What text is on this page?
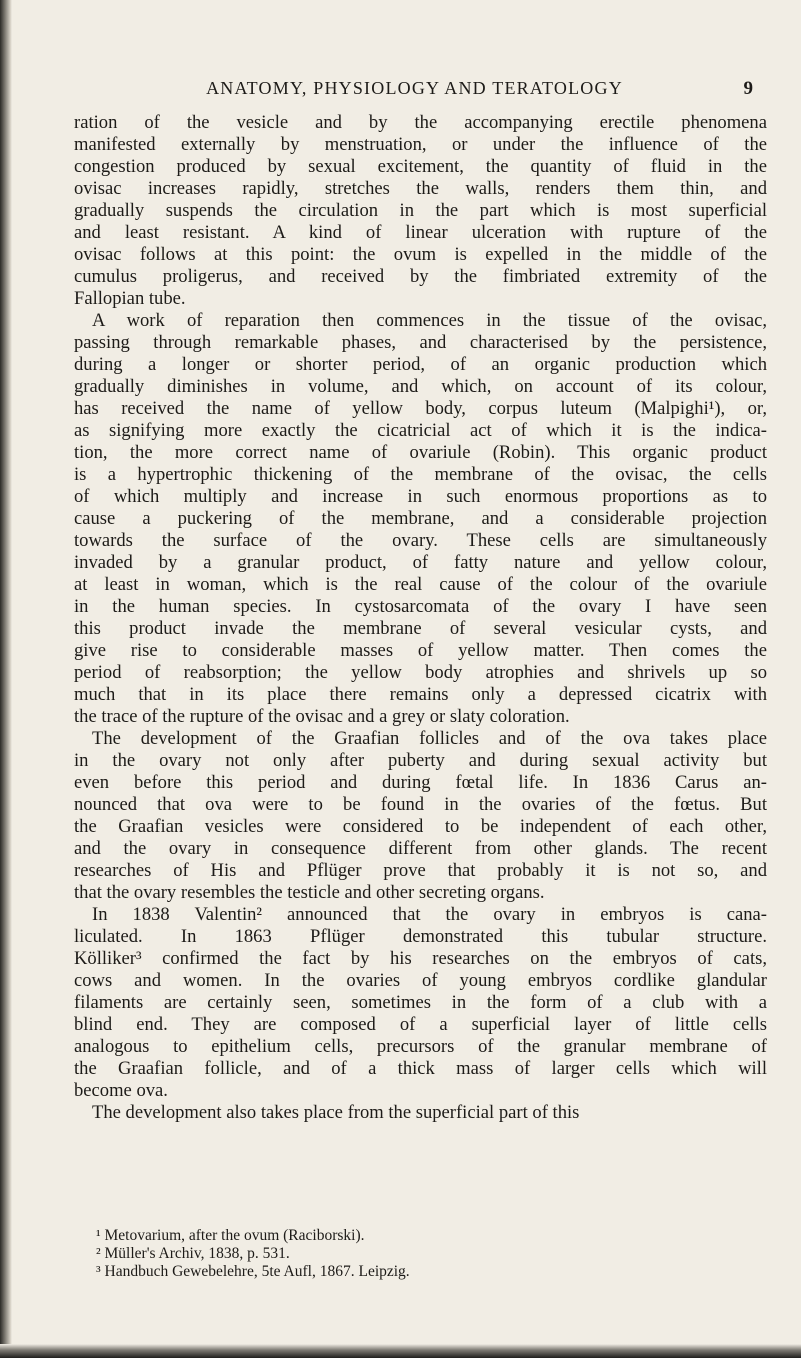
ANATOMY, PHYSIOLOGY AND TERATOLOGY	9
ration of the vesicle and by the accompanying erectile phenomena
manifested externally by menstruation, or under the influence of the
congestion produced by sexual excitement, the quantity of fluid in the
ovisac increases rapidly, stretches the walls, renders them thin, and
gradually suspends the circulation in the part which is most superficial
and least resistant. A kind of linear ulceration with rupture of the
ovisac follows at this point: the ovum is expelled in the middle of the
cumulus proligerus, and received by the fimbriated extremity of the
Fallopian tube.
A work of reparation then commences in the tissue of the ovisac,
passing through remarkable phases, and characterised by the persistence,
during a longer or shorter period, of an organic production which
gradually diminishes in volume, and which, on account of its colour,
has received the name of yellow body, corpus luteum (Malpighi¹), or,
as signifying more exactly the cicatricial act of which it is the indica-
tion, the more correct name of ovariule (Robin). This organic product
is a hypertrophic thickening of the membrane of the ovisac, the cells
of which multiply and increase in such enormous proportions as to
cause a puckering of the membrane, and a considerable projection
towards the surface of the ovary. These cells are simultaneously
invaded by a granular product, of fatty nature and yellow colour,
at least in woman, which is the real cause of the colour of the ovariule
in the human species. In cystosarcomata of the ovary I have seen
this product invade the membrane of several vesicular cysts, and
give rise to considerable masses of yellow matter. Then comes the
period of reabsorption; the yellow body atrophies and shrivels up so
much that in its place there remains only a depressed cicatrix with
the trace of the rupture of the ovisac and a grey or slaty coloration.
The development of the Graafian follicles and of the ova takes place
in the ovary not only after puberty and during sexual activity but
even before this period and during fœtal life. In 1836 Carus an-
nounced that ova were to be found in the ovaries of the fœtus. But
the Graafian vesicles were considered to be independent of each other,
and the ovary in consequence different from other glands. The recent
researches of His and Pflüger prove that probably it is not so, and
that the ovary resembles the testicle and other secreting organs.
In 1838 Valentin² announced that the ovary in embryos is cana-
liculated. In 1863 Pflüger demonstrated this tubular structure.
Kölliker³ confirmed the fact by his researches on the embryos of cats,
cows and women. In the ovaries of young embryos cordlike glandular
filaments are certainly seen, sometimes in the form of a club with a
blind end. They are composed of a superficial layer of little cells
analogous to epithelium cells, precursors of the granular membrane of
the Graafian follicle, and of a thick mass of larger cells which will
become ova.
The development also takes place from the superficial part of this
¹ Metovarium, after the ovum (Raciborski).
² Müller's Archiv, 1838, p. 531.
³ Handbuch Gewebelehre, 5te Aufl, 1867. Leipzig.
